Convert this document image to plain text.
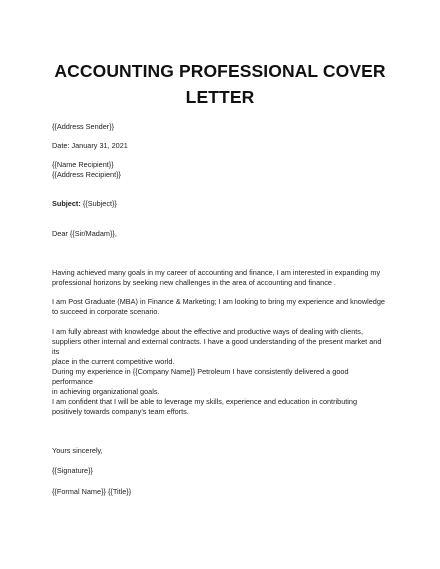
ACCOUNTING PROFESSIONAL COVER
LETTER
{{Address Sender}}
Date: January 31, 2021
{{Name Recipient}}
{{Address Recipient}}
Subject: {{Subject}}
Dear {{Sir/Madam}},
Having achieved many goals in my career of accounting and finance, I am interested in expanding my
professional horizons by seeking new challenges in the area of accounting and finance .
I am Post Graduate (MBA) in Finance & Marketing; I am looking to bring my experience and knowledge
to succeed in corporate scenario.
I am fully abreast with knowledge about the effective and productive ways of dealing with clients,
suppliers other internal and external contracts. I have a good understanding of the present market and its
place in the current competitive world.
During my experience in {{Company Name}} Petroleum I have consistently delivered a good performance
in achieving organizational goals.
I am confident that I will be able to leverage my skills, experience and education in contributing
positively towards company’s team efforts.
Yours sincerely,
{{Signature}}
{{Formal Name}} {{Title}}
